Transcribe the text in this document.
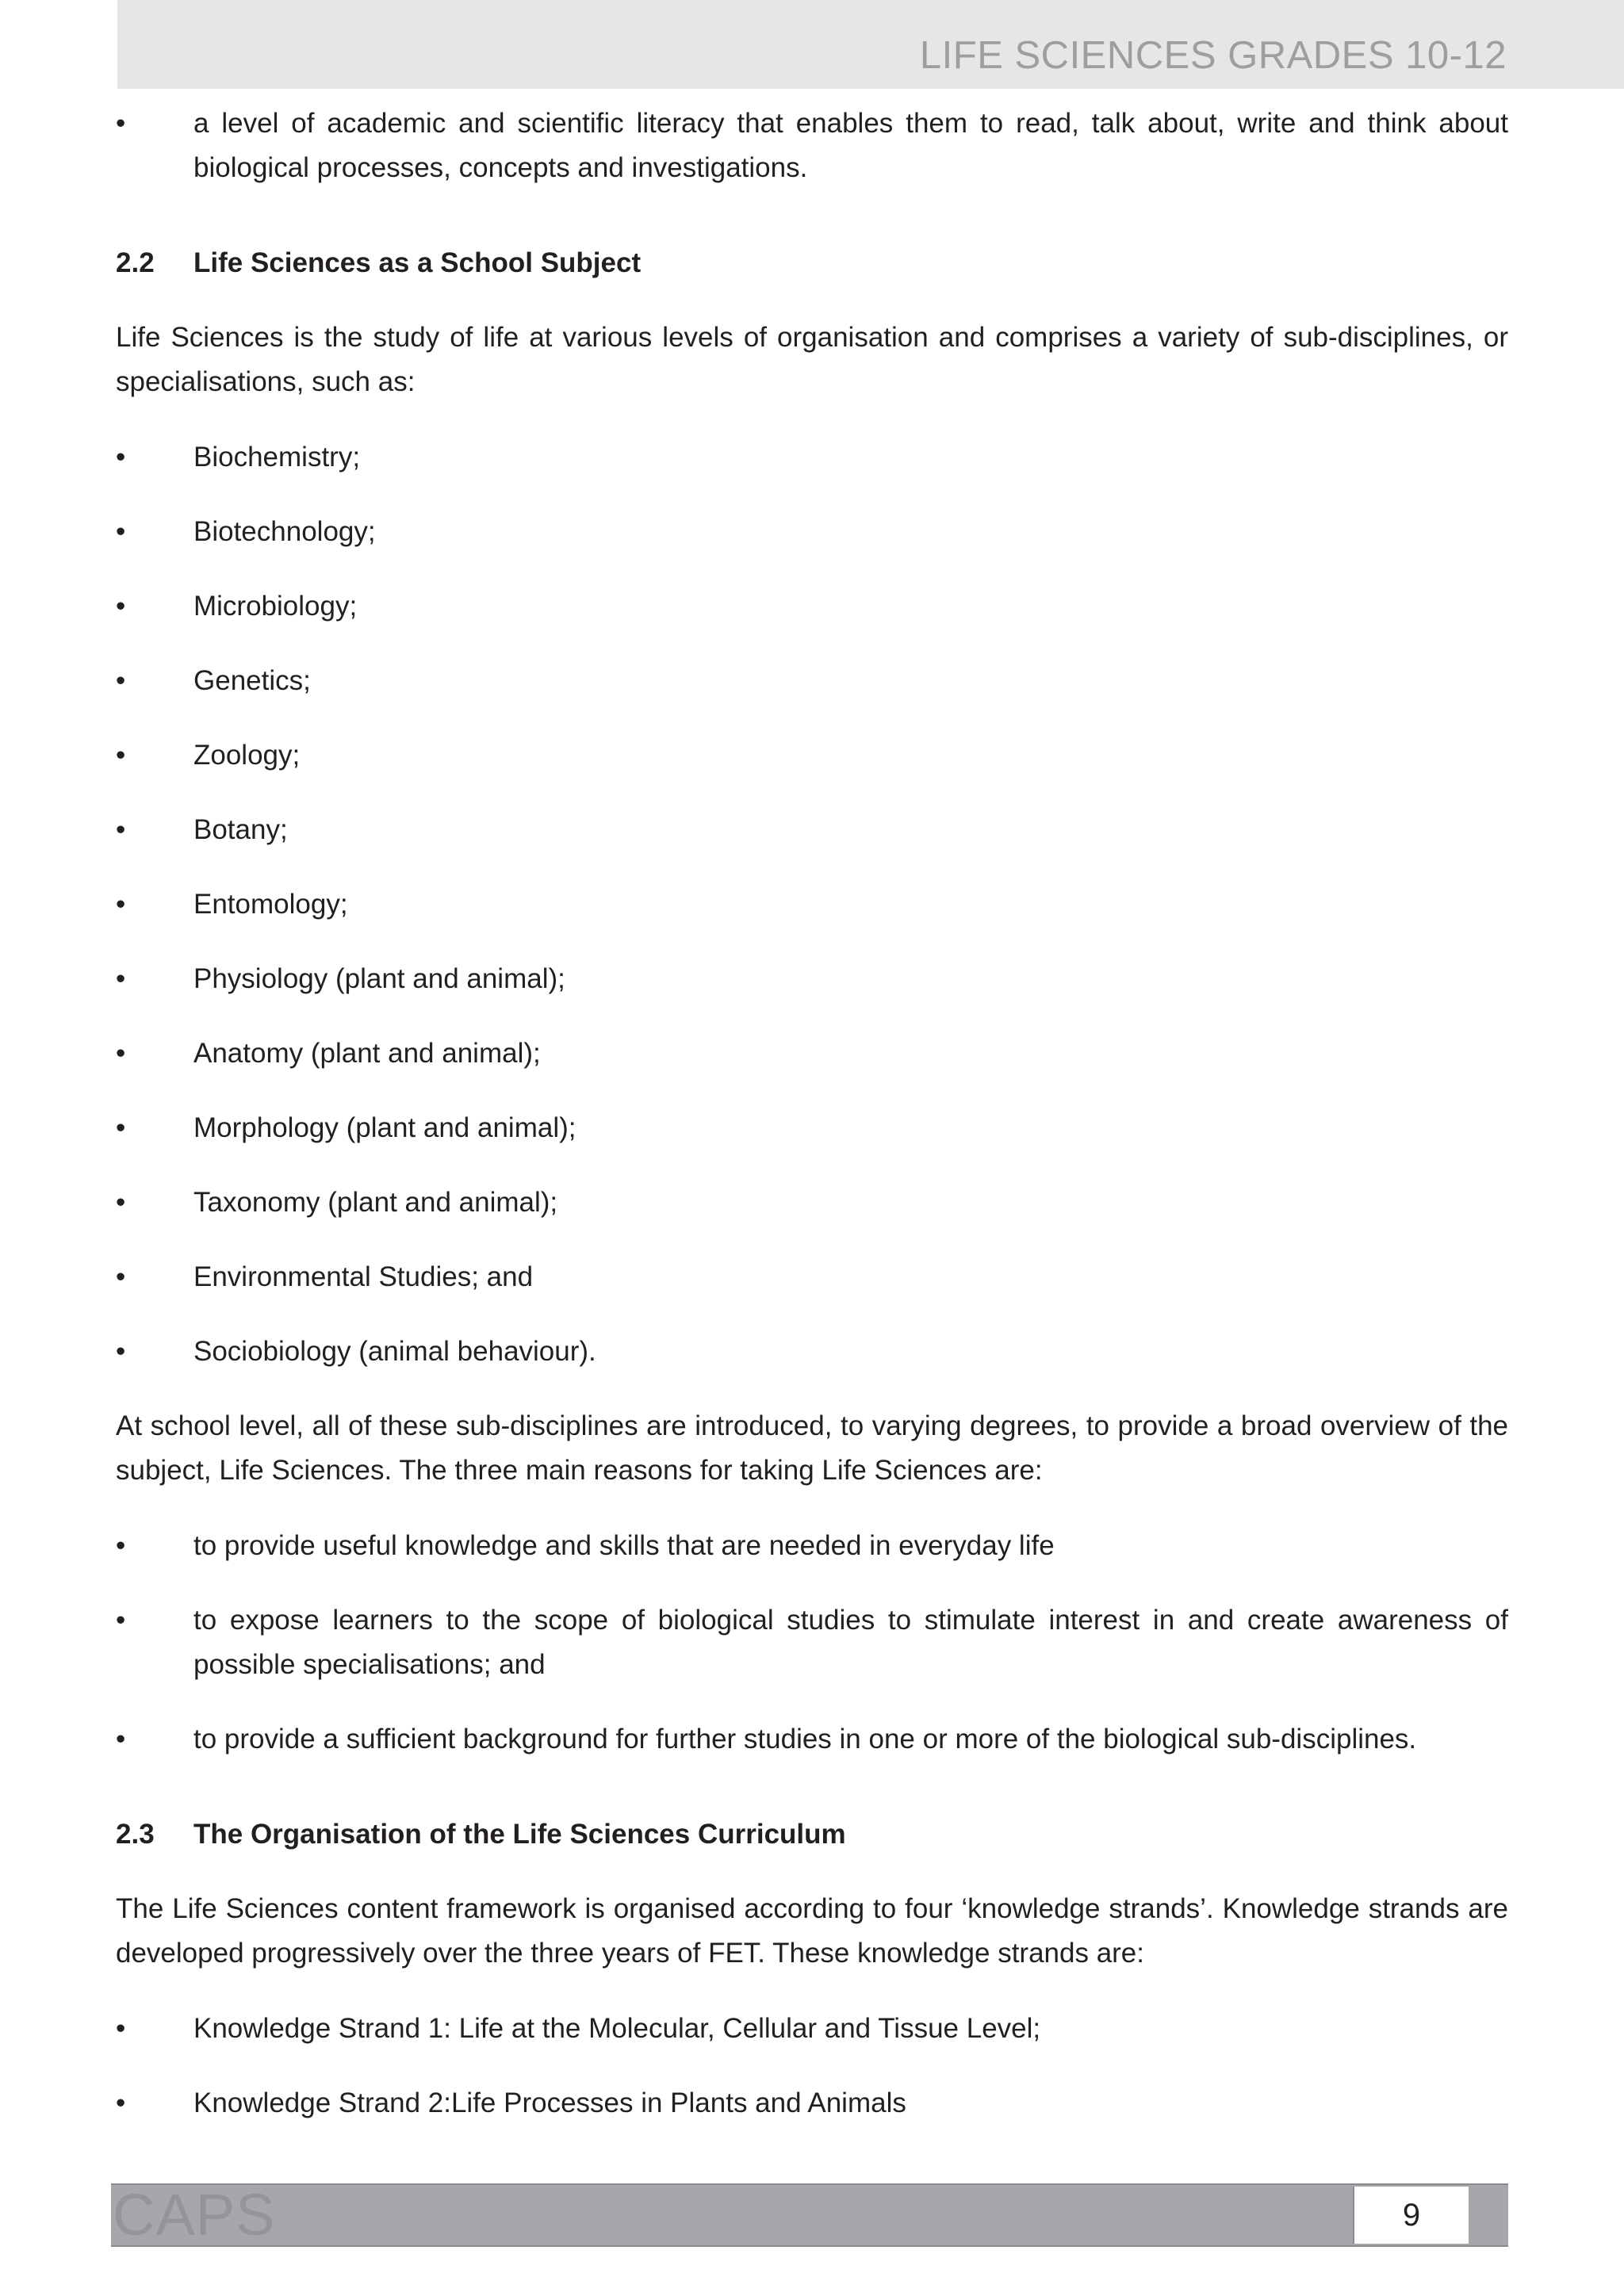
LIFE SCIENCES GRADES 10-12
•	a level of academic and scientific literacy that enables them to read, talk about, write and think about biological processes, concepts and investigations.
2.2 Life Sciences as a School Subject

Life Sciences is the study of life at various levels of organisation and comprises a variety of sub-disciplines, or specialisations, such as:

•	Biochemistry;
•	Biotechnology;
•	Microbiology;
•	Genetics;
•	Zoology;
•	Botany;
•	Entomology;
•	Physiology (plant and animal);
•	Anatomy (plant and animal);
•	Morphology (plant and animal);
•	Taxonomy (plant and animal);
•	Environmental Studies; and
•	Sociobiology (animal behaviour).

At school level, all of these sub-disciplines are introduced, to varying degrees, to provide a broad overview of the subject, Life Sciences. The three main reasons for taking Life Sciences are:

•	to provide useful knowledge and skills that are needed in everyday life
•	to expose learners to the scope of biological studies to stimulate interest in and create awareness of possible specialisations; and
•	to provide a sufficient background for further studies in one or more of the biological sub-disciplines.
2.3 The Organisation of the Life Sciences Curriculum

The Life Sciences content framework is organised according to four ‘knowledge strands’. Knowledge strands are developed progressively over the three years of FET. These knowledge strands are:

•	Knowledge Strand 1: Life at the Molecular, Cellular and Tissue Level;
•	Knowledge Strand 2:Life Processes in Plants and Animals
CAPS	9
